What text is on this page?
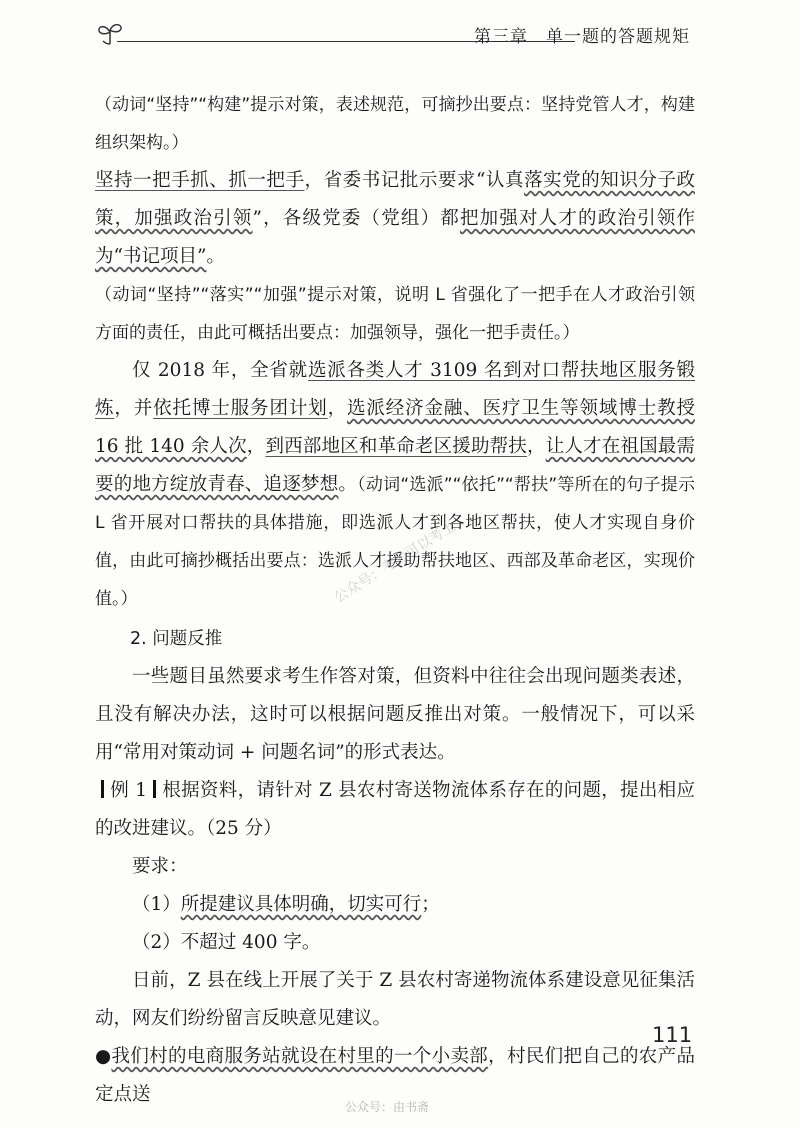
第三章　 单一题的答题规矩

（动词“坚持”“构建”提示对策，表述规范，可摘抄出要点：坚持党管人才，构建组织架构。）

坚持一把手抓、抓一把手，省委书记批示要求“认真落实党的知识分子政策，加强政治引领”，各级党委（党组）都把加强对人才的政治引领作为“书记项目”。

（动词“坚持”“落实”“加强”提示对策，说明 L 省强化了一把手在人才政治引领方面的责任，由此可概括出要点：加强领导，强化一把手责任。）

仅 2018 年，全省就选派各类人才 3109 名到对口帮扶地区服务锻炼，并依托博士服务团计划，选派经济金融、医疗卫生等领域博士教授 16 批 140 余人次，到西部地区和革命老区援助帮扶，让人才在祖国最需要的地方绽放青春、追逐梦想。（动词“选派”“依托”“帮扶”等所在的句子提示 L 省开展对口帮扶的具体措施，即选派人才到各地区帮扶，使人才实现自身价值，由此可摘抄概括出要点：选派人才援助帮扶地区、西部及革命老区，实现价值。）

2. 问题反推

一些题目虽然要求考生作答对策，但资料中往往会出现问题类表述，且没有解决办法，这时可以根据问题反推出对策。一般情况下，可以采用“常用对策动词 + 问题名词”的形式表达。

例 1 根据资料，请针对 Z 县农村寄送物流体系存在的问题，提出相应的改进建议。（25 分）

要求：

（1）所提建议具体明确，切实可行；

（2）不超过 400 字。

日前，Z 县在线上开展了关于 Z 县农村寄递物流体系建设意见征集活动，网友们纷纷留言反映意见建议。

●我们村的电商服务站就设在村里的一个小卖部，村民们把自己的农产品定点送

公众号：考公可以考上
111
公众号：由书斋
